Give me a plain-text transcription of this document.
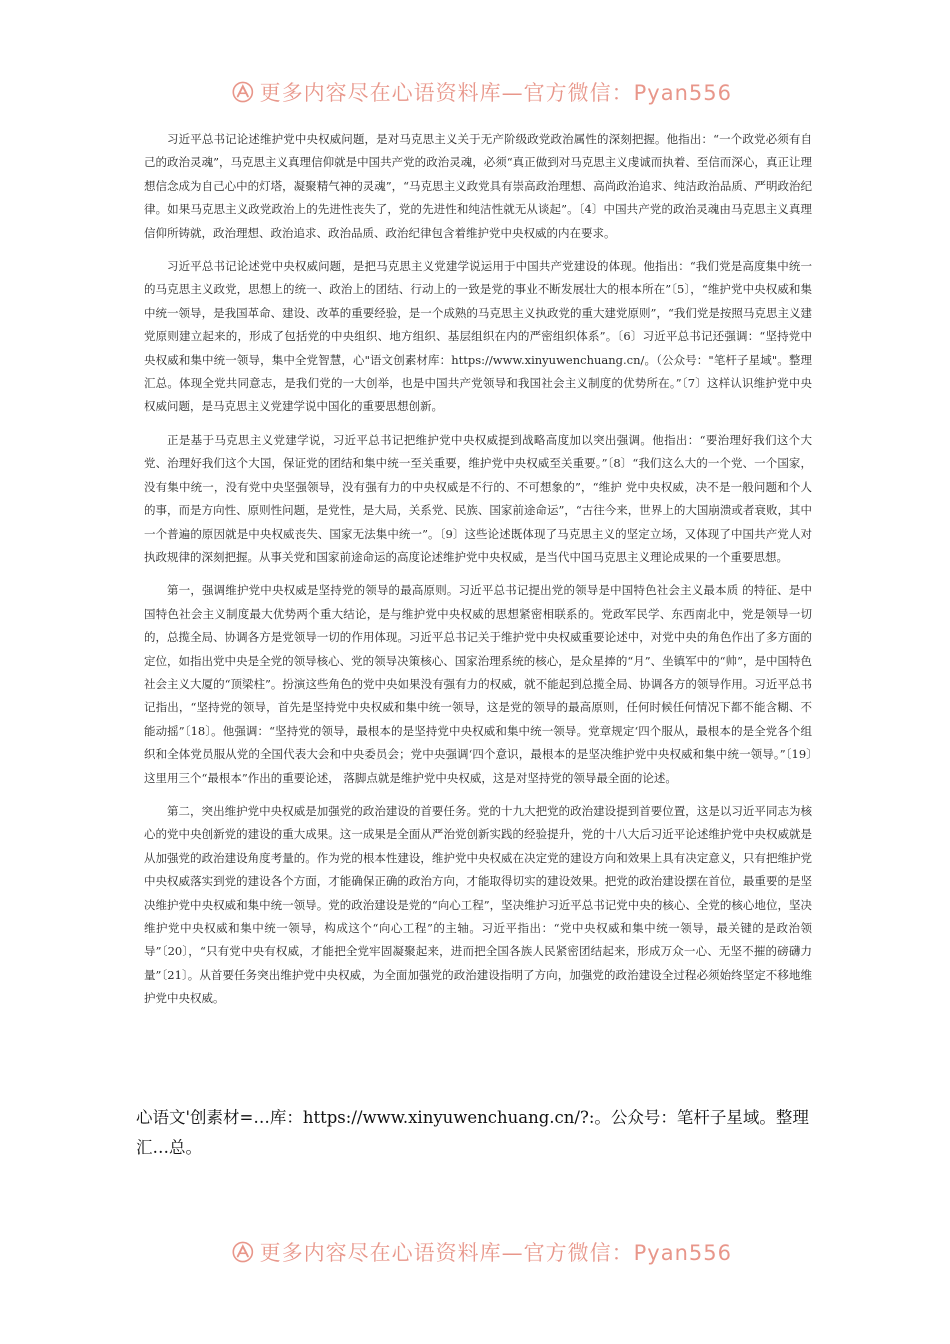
更多内容尽在心语资料库—官方微信：Pyan556

习近平总书记论述维护党中央权威问题，是对马克思主义关于无产阶级政党政治属性的深刻把握。他指出：“一个政党必须有自己的政治灵魂”，马克思主义真理信仰就是中国共产党的政治灵魂，必须“真正做到对马克思主义虔诚而执着、至信而深心，真正让理想信念成为自己心中的灯塔，凝聚精气神的灵魂”，“马克思主义政党具有崇高政治理想、高尚政治追求、纯洁政治品质、严明政治纪律。如果马克思主义政党政治上的先进性丧失了，党的先进性和纯洁性就无从谈起”。〔4〕中国共产党的政治灵魂由马克思主义真理信仰所铸就，政治理想、政治追求、政治品质、政治纪律包含着维护党中央权威的内在要求。

习近平总书记论述党中央权威问题，是把马克思主义党建学说运用于中国共产党建设的体现。他指出：“我们党是高度集中统一的马克思主义政党，思想上的统一、政治上的团结、行动上的一致是党的事业不断发展壮大的根本所在”〔5〕，“维护党中央权威和集中统一领导，是我国革命、建设、改革的重要经验，是一个成熟的马克思主义执政党的重大建党原则”，“我们党是按照马克思主义建党原则建立起来的，形成了包括党的中央组织、地方组织、基层组织在内的严密组织体系”。〔6〕习近平总书记还强调：“坚持党中央权威和集中统一领导，集中全党智慧，心"语文创素材库：https://www.xinyuwenchuang.cn/。（公众号："笔杆子星域"。整理汇总。体现全党共同意志，是我们党的一大创举，也是中国共产党领导和我国社会主义制度的优势所在。”〔7〕这样认识维护党中央权威问题，是马克思主义党建学说中国化的重要思想创新。

正是基于马克思主义党建学说，习近平总书记把维护党中央权威提到战略高度加以突出强调。他指出：“要治理好我们这个大党、治理好我们这个大国，保证党的团结和集中统一至关重要，维护党中央权威至关重要。”〔8〕“我们这么大的一个党、一个国家，没有集中统一，没有党中央坚强领导，没有强有力的中央权威是不行的、不可想象的”，“维护 党中央权威，决不是一般问题和个人的事，而是方向性、原则性问题，是党性，是大局，关系党、民族、国家前途命运”，“古往今来，世界上的大国崩溃或者衰败，其中一个普遍的原因就是中央权威丧失、国家无法集中统一”。〔9〕这些论述既体现了马克思主义的坚定立场，又体现了中国共产党人对执政规律的深刻把握。从事关党和国家前途命运的高度论述维护党中央权威，是当代中国马克思主义理论成果的一个重要思想。

第一，强调维护党中央权威是坚持党的领导的最高原则。习近平总书记提出党的领导是中国特色社会主义最本质 的特征、是中国特色社会主义制度最大优势两个重大结论，是与维护党中央权威的思想紧密相联系的。党政军民学、东西南北中，党是领导一切的，总揽全局、协调各方是党领导一切的作用体现。习近平总书记关于维护党中央权威重要论述中，对党中央的角色作出了多方面的定位，如指出党中央是全党的领导核心、党的领导决策核心、国家治理系统的核心，是众星捧的“月”、坐镇军中的“帅”，是中国特色社会主义大厦的“顶梁柱”。扮演这些角色的党中央如果没有强有力的权威，就不能起到总揽全局、协调各方的领导作用。习近平总书记指出，“坚持党的领导，首先是坚持党中央权威和集中统一领导，这是党的领导的最高原则，任何时候任何情况下都不能含糊、不能动摇”〔18〕。他强调：“坚持党的领导，最根本的是坚持党中央权威和集中统一领导。党章规定‘四个服从，最根本的是全党各个组织和全体党员服从党的全国代表大会和中央委员会；党中央强调‘四个意识，最根本的是坚决维护党中央权威和集中统一领导。”〔19〕这里用三个“最根本”作出的重要论述， 落脚点就是维护党中央权威，这是对坚持党的领导最全面的论述。

第二，突出维护党中央权威是加强党的政治建设的首要任务。党的十九大把党的政治建设提到首要位置，这是以习近平同志为核心的党中央创新党的建设的重大成果。这一成果是全面从严治党创新实践的经验提升，党的十八大后习近平论述维护党中央权威就是从加强党的政治建设角度考量的。作为党的根本性建设，维护党中央权威在决定党的建设方向和效果上具有决定意义，只有把维护党中央权威落实到党的建设各个方面，才能确保正确的政治方向，才能取得切实的建设效果。把党的政治建设摆在首位，最重要的是坚决维护党中央权威和集中统一领导。党的政治建设是党的“向心工程”，坚决维护习近平总书记党中央的核心、全党的核心地位，坚决维护党中央权威和集中统一领导，构成这个“向心工程”的主轴。习近平指出：“党中央权威和集中统一领导，最关键的是政治领导”〔20〕，“只有党中央有权威，才能把全党牢固凝聚起来，进而把全国各族人民紧密团结起来，形成万众一心、无坚不摧的磅礴力量”〔21〕。从首要任务突出维护党中央权威，为全面加强党的政治建设指明了方向，加强党的政治建设全过程必须始终坚定不移地维护党中央权威。

心语文'创素材=…库：https://www.xinyuwenchuang.cn/?:。公众号：笔杆子星域。整理汇…总。
更多内容尽在心语资料库—官方微信：Pyan556
